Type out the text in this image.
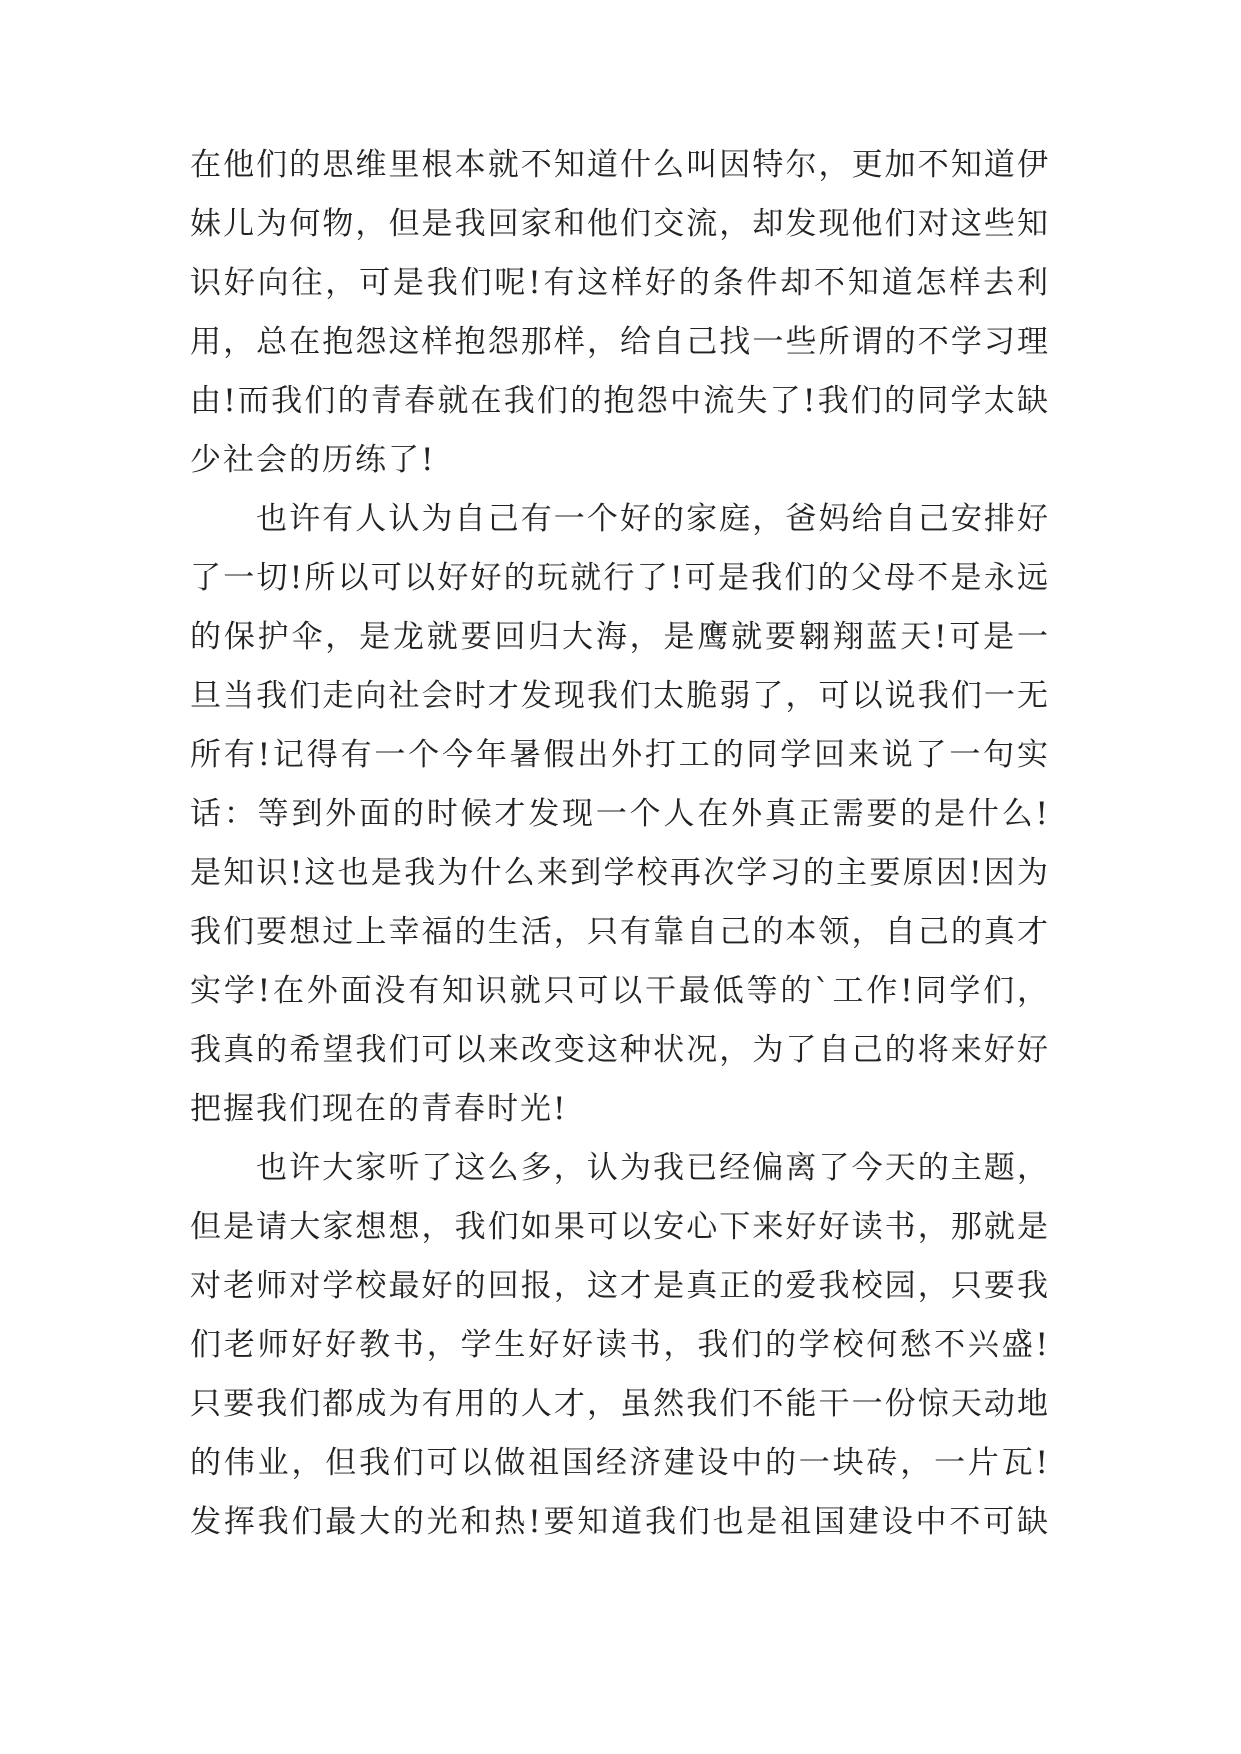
在他们的思维里根本就不知道什么叫因特尔，更加不知道伊
妹儿为何物，但是我回家和他们交流，却发现他们对这些知
识好向往，可是我们呢!有这样好的条件却不知道怎样去利
用，总在抱怨这样抱怨那样，给自己找一些所谓的不学习理
由!而我们的青春就在我们的抱怨中流失了!我们的同学太缺
少社会的历练了!
也许有人认为自己有一个好的家庭，爸妈给自己安排好
了一切!所以可以好好的玩就行了!可是我们的父母不是永远
的保护伞，是龙就要回归大海，是鹰就要翱翔蓝天!可是一
旦当我们走向社会时才发现我们太脆弱了，可以说我们一无
所有!记得有一个今年暑假出外打工的同学回来说了一句实
话：等到外面的时候才发现一个人在外真正需要的是什么!
是知识!这也是我为什么来到学校再次学习的主要原因!因为
我们要想过上幸福的生活，只有靠自己的本领，自己的真才
实学!在外面没有知识就只可以干最低等的`工作!同学们，
我真的希望我们可以来改变这种状况，为了自己的将来好好
把握我们现在的青春时光!
也许大家听了这么多，认为我已经偏离了今天的主题，
但是请大家想想，我们如果可以安心下来好好读书，那就是
对老师对学校最好的回报，这才是真正的爱我校园，只要我
们老师好好教书，学生好好读书，我们的学校何愁不兴盛!
只要我们都成为有用的人才，虽然我们不能干一份惊天动地
的伟业，但我们可以做祖国经济建设中的一块砖，一片瓦!
发挥我们最大的光和热!要知道我们也是祖国建设中不可缺
